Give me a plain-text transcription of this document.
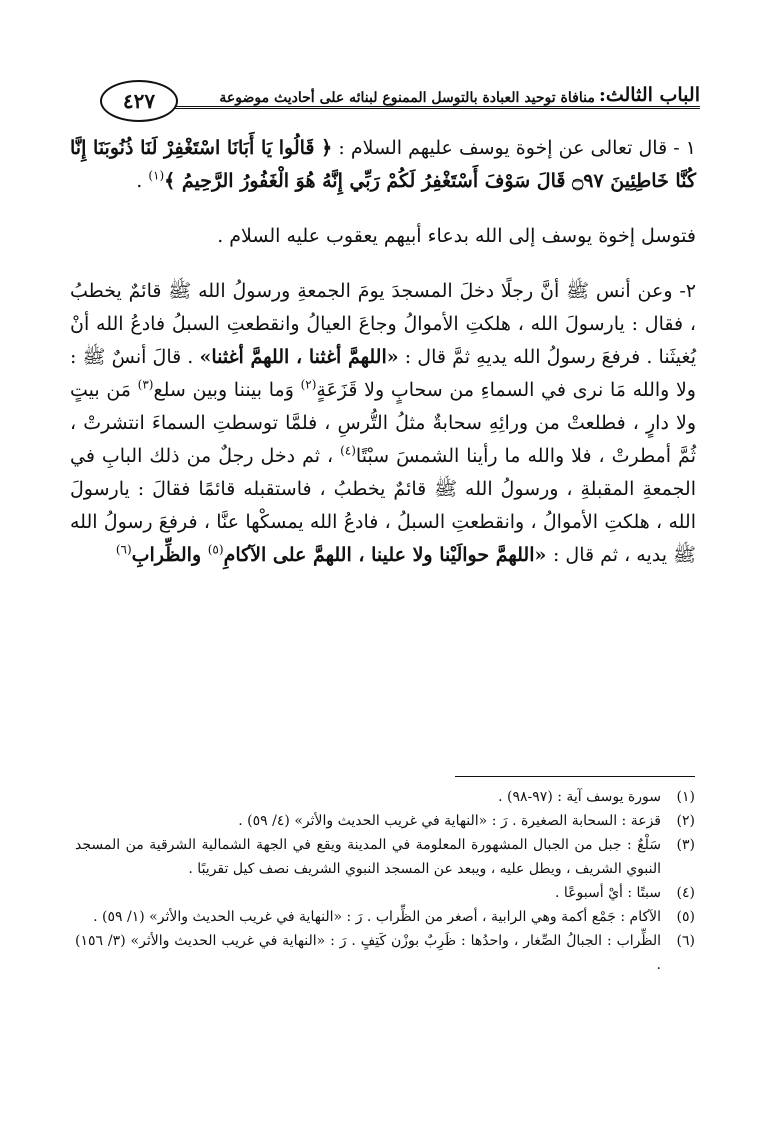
الباب الثالث:
منافاة توحيد العبادة بالتوسل الممنوع لبنائه على أحاديث موضوعة
٤٢٧

١ - قال تعالى عن إخوة يوسف عليهم السلام : ﴿ قَالُوا يَا أَبَانَا اسْتَغْفِرْ لَنَا ذُنُوبَنَا إِنَّا كُنَّا خَاطِئِينَ ۝٩٧ قَالَ سَوْفَ أَسْتَغْفِرُ لَكُمْ رَبِّي إِنَّهُ هُوَ الْغَفُورُ الرَّحِيمُ ﴾$^{(١)}$ .

فتوسل إخوة يوسف إلى الله بدعاء أبيهم يعقوب عليه السلام .

٢- وعن أنس ﷺ أنَّ رجلًا دخلَ المسجدَ يومَ الجمعةِ ورسولُ الله ﷺ قائمٌ يخطبُ ، فقال : يارسولَ الله ، هلكتِ الأموالُ وجاعَ العيالُ وانقطعتِ السبلُ فادعُ الله أنْ يُغيثَنا . فرفعَ رسولُ الله يديهِ ثمَّ قال : «اللهمَّ أغثنا ، اللهمَّ أغثنا» . قالَ أنسٌ ﷺ : ولا والله مَا نرى في السماءِ من سحابٍ ولا قَزَعَةٍ$^{(٢)}$ وَما بيننا وبين سلع$^{(٣)}$ مَن بيتٍ ولا دارٍ ، فطلعتْ من ورائِهِ سحابةٌ مثلُ التُّرسِ ، فلمَّا توسطتِ السماءَ انتشرتْ ، ثُمَّ أمطرتْ ، فلا والله ما رأينا الشمسَ سبْتًا$^{(٤)}$ ، ثم دخل رجلٌ من ذلك البابِ في الجمعةِ المقبلةِ ، ورسولُ الله ﷺ قائمٌ يخطبُ ، فاستقبله قائمًا فقالَ : يارسولَ الله ، هلكتِ الأموالُ ، وانقطعتِ السبلُ ، فادعُ الله يمسكْها عنَّا ، فرفعَ رسولُ الله ﷺ يديه ، ثم قال : «اللهمَّ حوالَيْنا ولا علينا ، اللهمَّ على الآكامِ$^{(٥)}$ والظِّرابِ$^{(٦)}$

(١)
سورة يوسف آية : (٩٧-٩٨) .

(٢)
قزعة : السحابة الصغيرة . رَ : «النهاية في غريب الحديث والأثر» (٤/ ٥٩) .

(٣)
سَلْعٌ : جبل من الجبال المشهورة المعلومة في المدينة ويقع في الجهة الشمالية الشرقية من المسجد النبوي الشريف ، ويطل عليه ، ويبعد عن المسجد النبوي الشريف نصف كيل تقريبًا .

(٤)
سبتًا : أيْ أسبوعًا .

(٥)
الآكام : جَمْع أكمة وهي الرابية ، أصغر من الظِّراب . رَ : «النهاية في غريب الحديث والأثر» (١/ ٥٩) .

(٦)
الظِّراب : الجبالُ الصِّغار ، واحدُها : ظَرِبٌ بوزْن كَتِفٍ . رَ : «النهاية في غريب الحديث والأثر» (٣/ ١٥٦) .
